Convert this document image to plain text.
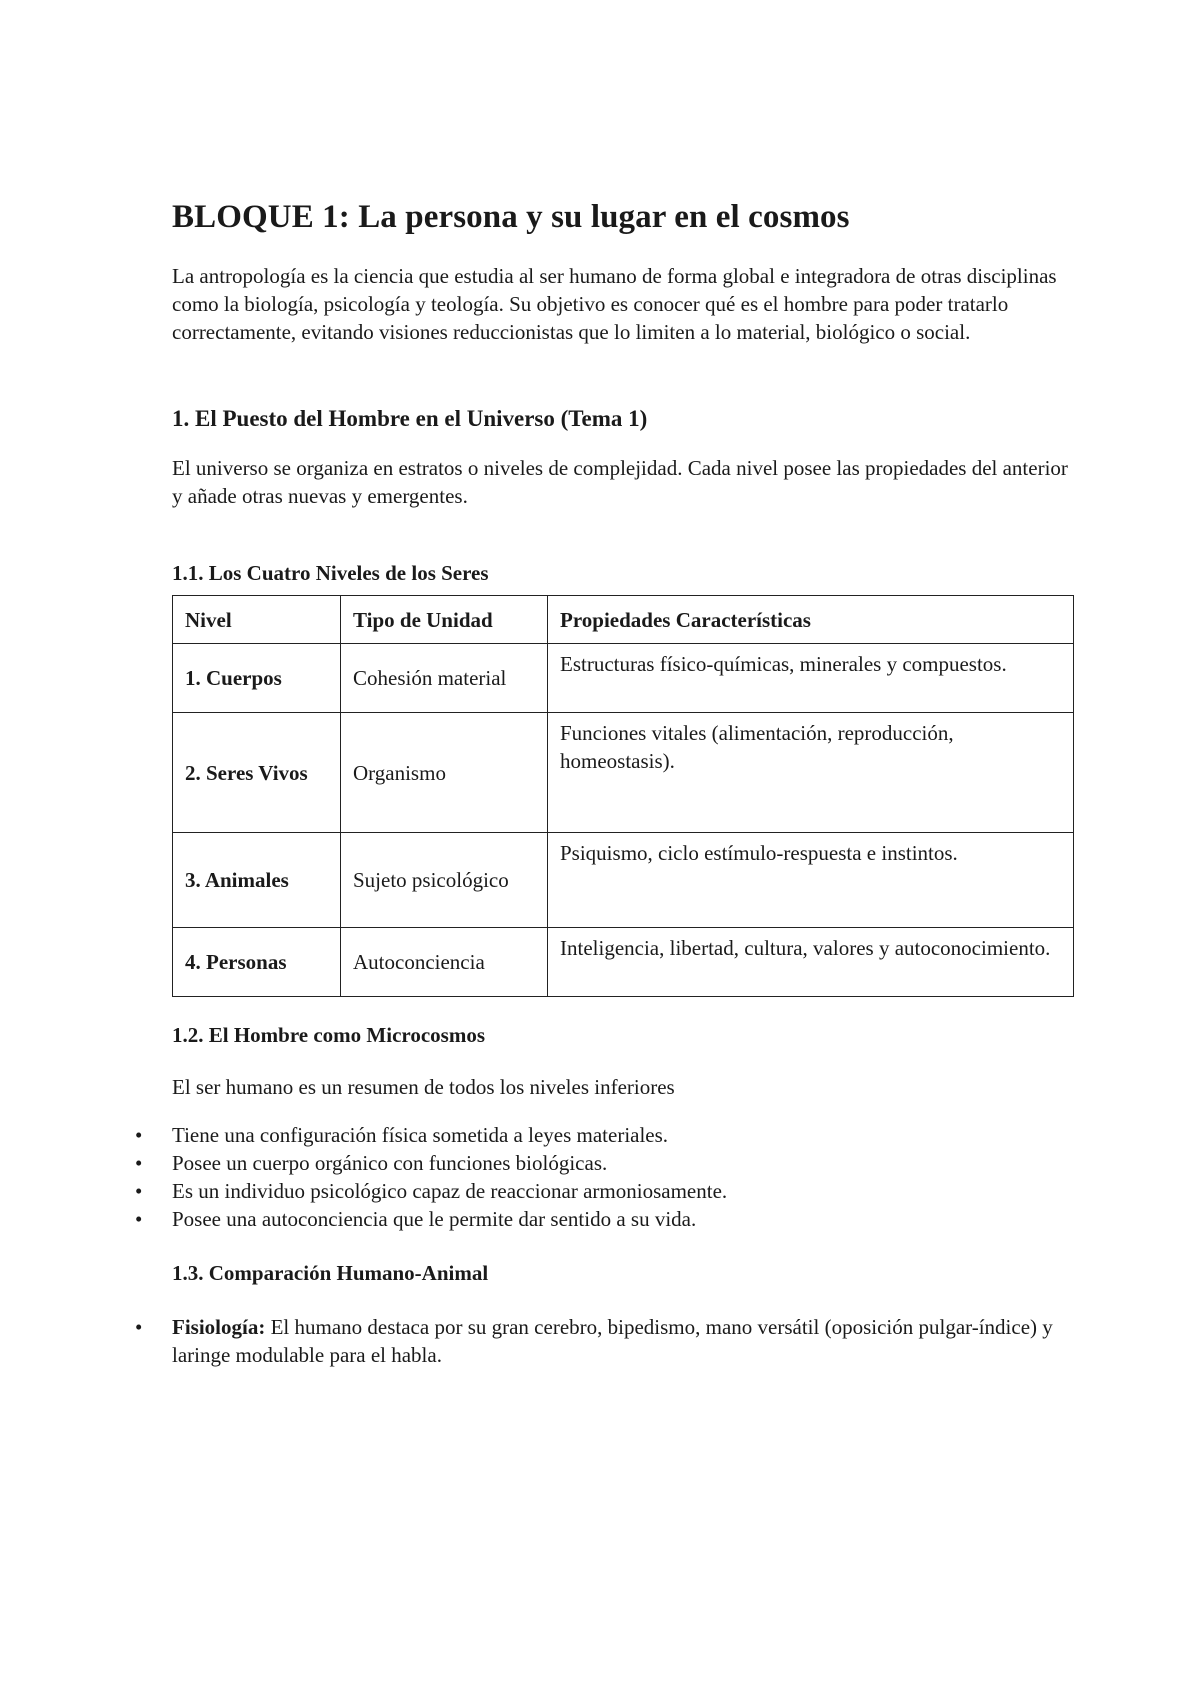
BLOQUE 1: La persona y su lugar en el cosmos

La antropología es la ciencia que estudia al ser humano de forma global e integradora de otras disciplinas como la biología, psicología y teología. Su objetivo es conocer qué es el hombre para poder tratarlo correctamente, evitando visiones reduccionistas que lo limiten a lo material, biológico o social.

1. El Puesto del Hombre en el Universo (Tema 1)

El universo se organiza en estratos o niveles de complejidad. Cada nivel posee las propiedades del anterior y añade otras nuevas y emergentes.

1.1. Los Cuatro Niveles de los Seres
Nivel	Tipo de Unidad	Propiedades Características
1. Cuerpos	Cohesión material	Estructuras físico-químicas, minerales y compuestos.
2. Seres Vivos	Organismo	Funciones vitales (alimentación, reproducción, homeostasis).
3. Animales	Sujeto psicológico	Psiquismo, ciclo estímulo-respuesta e instintos.
4. Personas	Autoconciencia	Inteligencia, libertad, cultura, valores y autoconocimiento.
1.2. El Hombre como Microcosmos

El ser humano es un resumen de todos los niveles inferiores

• Tiene una configuración física sometida a leyes materiales.
• Posee un cuerpo orgánico con funciones biológicas.
• Es un individuo psicológico capaz de reaccionar armoniosamente.
• Posee una autoconciencia que le permite dar sentido a su vida.
1.3. Comparación Humano-Animal
• Fisiología: El humano destaca por su gran cerebro, bipedismo, mano versátil (oposición pulgar-índice) y laringe modulable para el habla.
